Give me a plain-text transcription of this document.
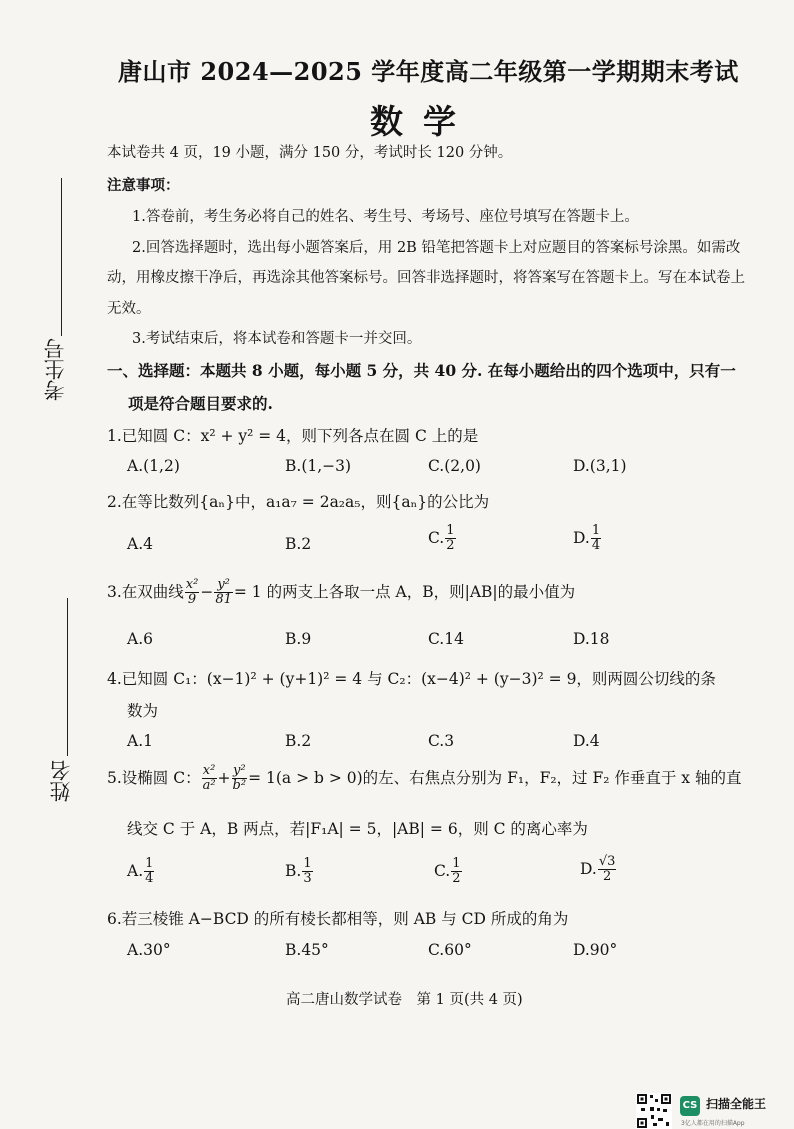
唐山市 2024—2025 学年度高二年级第一学期期末考试
数学
本试卷共 4 页，19 小题，满分 150 分，考试时长 120 分钟。
注意事项：
1.答卷前，考生务必将自己的姓名、考生号、考场号、座位号填写在答题卡上。
2.回答选择题时，选出每小题答案后，用 2B 铅笔把答题卡上对应题目的答案标号涂黑。如需改
动，用橡皮擦干净后，再选涂其他答案标号。回答非选择题时，将答案写在答题卡上。写在本试卷上
无效。
3.考试结束后，将本试卷和答题卡一并交回。
考生号
姓名
一、选择题：本题共 8 小题，每小题 5 分，共 40 分. 在每小题给出的四个选项中，只有一
项是符合题目要求的.
1.已知圆 C：x² + y² = 4，则下列各点在圆 C 上的是
A.(1,2)	B.(1,−3)	C.(2,0)	D.(3,1)
2.在等比数列{aₙ}中，a₁a₇ = 2a₂a₅，则{aₙ}的公比为
A.4	B.2	C. $\frac{1}{2}$	D. $\frac{1}{4}$
3.在双曲线 $\frac{\text{x²}}{9} - \frac{\text{y²}}{81} = 1$ 的两支上各取一点 A，B，则|AB|的最小值为
A.6	B.9	C.14	D.18
4.已知圆 C₁：(x−1)² + (y+1)² = 4 与 C₂：(x−4)² + (y−3)² = 9，则两圆公切线的条
数为
A.1	B.2	C.3	D.4
5.设椭圆 C： $\frac{\text{x²}}{\text{a²}} + \frac{\text{y²}}{\text{b²}} = 1(a > b > 0)$的左、右焦点分别为 F₁，F₂，过 F₂ 作垂直于 x 轴的直
线交 C 于 A，B 两点，若|F₁A| = 5，|AB| = 6，则 C 的离心率为
A. $\frac{1}{4}$	B. $\frac{1}{3}$	C. $\frac{1}{2}$	D. $\frac{√3}{2}$
6.若三棱锥 A−BCD 的所有棱长都相等，则 AB 与 CD 所成的角为
A.30°	B.45°	C.60°	D.90°
高二唐山数学试卷　第 1 页(共 4 页)
CS 扫描全能王
3亿人都在用的扫描App
